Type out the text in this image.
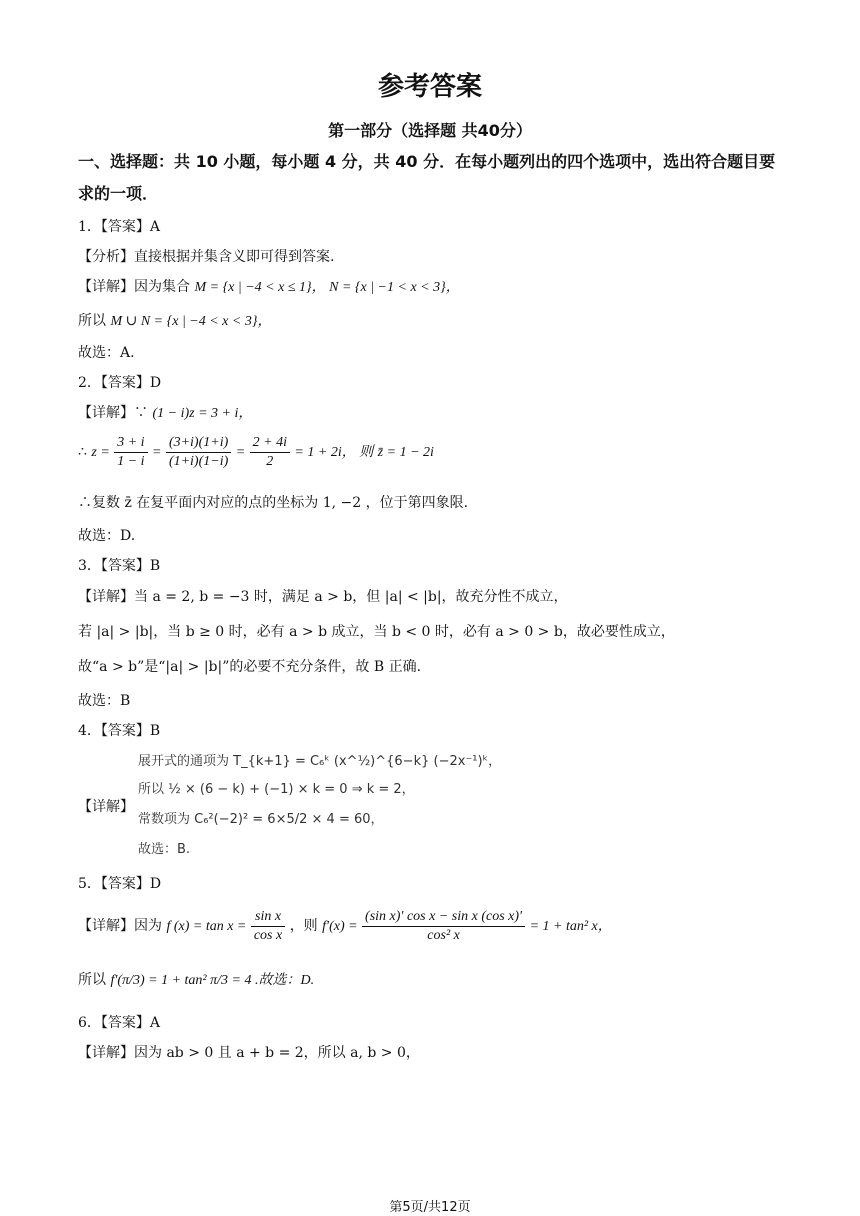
参考答案
第一部分（选择题 共40分）
一、选择题：共 10 小题，每小题 4 分，共 40 分．在每小题列出的四个选项中，选出符合题目要求的一项．
1．【答案】A
【分析】直接根据并集含义即可得到答案.
【详解】因为集合 M = {x | −4 < x ≤ 1}， N = {x | −1 < x < 3}，
所以 M ∪ N = {x | −4 < x < 3}，
故选：A.
2．【答案】D
【详解】∵ (1 − i)z = 3 + i，
∴ $z = \frac{3 + i}{1 - i} = \frac{(3+i)(1+i)}{(1+i)(1-i)} = \frac{2 + 4i}{2} = 1 + 2i$， 则 z̄ = 1 − 2i
∴复数 z̄ 在复平面内对应的点的坐标为 1, −2 ，位于第四象限.
故选：D.
3．【答案】B
【详解】当 a = 2, b = −3 时，满足 a > b，但 |a| < |b|，故充分性不成立，
若 |a| > |b|，当 b ≥ 0 时，必有 a > b 成立，当 b < 0 时，必有 a > 0 > b，故必要性成立，
故“a > b”是“|a| > |b|”的必要不充分条件，故 B 正确.
故选：B
4．【答案】B
【详解】
展开式的通项为 T_{k+1} = C₆ᵏ (x^½)^{6−k} (−2x⁻¹)ᵏ，
所以 ½ × (6 − k) + (−1) × k = 0 ⇒ k = 2，
常数项为 C₆²(−2)² = 6×5/2 × 4 = 60，
故选：B.
5．【答案】D
【详解】因为 f $(x) = \tan x = \frac{\text{sin x}}{\text{cos x}}$ ，则 $f'(x) = \frac{\text{(sin x)′ cos x − sin x (cos x)′}}{\text{cos² x}} = 1 + \tan^2$ x，
所以 f′(π/3) = 1 + tan² π/3 = 4 .故选：D.
6．【答案】A
【详解】因为 ab > 0 且 a + b = 2，所以 a, b > 0，
第5页/共12页
